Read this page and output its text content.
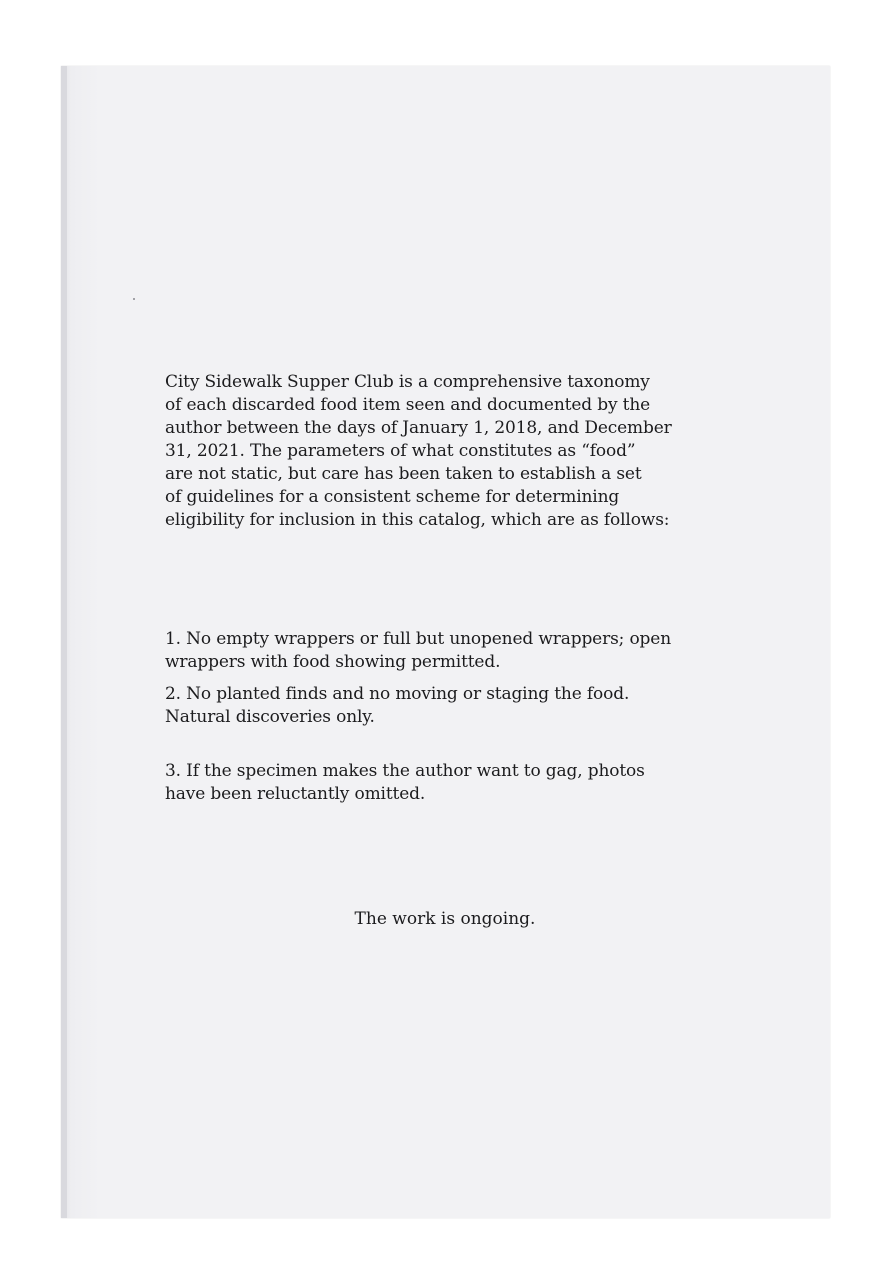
City Sidewalk Supper Club is a comprehensive taxonomy
of each discarded food item seen and documented by the
author between the days of January 1, 2018, and December
31, 2021. The parameters of what constitutes as “food”
are not static, but care has been taken to establish a set
of guidelines for a consistent scheme for determining
eligibility for inclusion in this catalog, which are as follows:

1. No empty wrappers or full but unopened wrappers; open
wrappers with food showing permitted.

2. No planted finds and no moving or staging the food.
Natural discoveries only.

3. If the specimen makes the author want to gag, photos
have been reluctantly omitted.

The work is ongoing.
